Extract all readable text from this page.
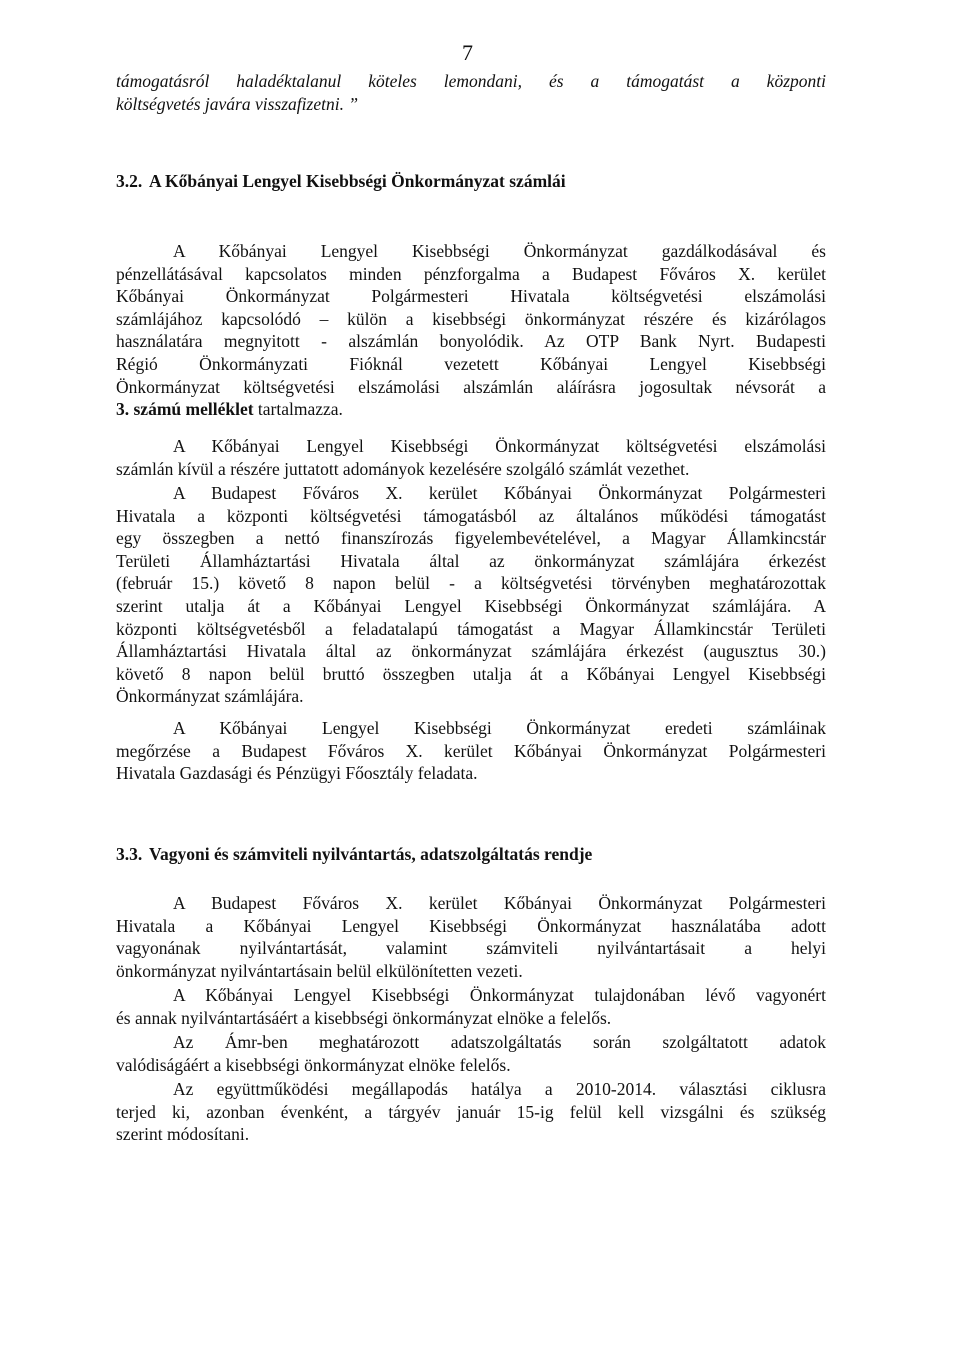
7
támogatásról haladéktalanul köteles lemondani, és a támogatást a központi
költségvetés javára visszafizetni. ”
3.2. A Kőbányai Lengyel Kisebbségi Önkormányzat számlái
A Kőbányai Lengyel Kisebbségi Önkormányzat gazdálkodásával és
pénzellátásával kapcsolatos minden pénzforgalma a Budapest Főváros X. kerület
Kőbányai Önkormányzat Polgármesteri Hivatala költségvetési elszámolási
számlájához kapcsolódó – külön a kisebbségi önkormányzat részére és kizárólagos
használatára megnyitott - alszámlán bonyolódik. Az OTP Bank Nyrt. Budapesti
Régió Önkormányzati Fióknál vezetett Kőbányai Lengyel Kisebbségi
Önkormányzat költségvetési elszámolási alszámlán aláírásra jogosultak névsorát a
3. számú melléklet tartalmazza.
A Kőbányai Lengyel Kisebbségi Önkormányzat költségvetési elszámolási
számlán kívül a részére juttatott adományok kezelésére szolgáló számlát vezethet.
A Budapest Főváros X. kerület Kőbányai Önkormányzat Polgármesteri
Hivatala a központi költségvetési támogatásból az általános működési támogatást
egy összegben a nettó finanszírozás figyelembevételével, a Magyar Államkincstár
Területi Államháztartási Hivatala által az önkormányzat számlájára érkezést
(február 15.) követő 8 napon belül - a költségvetési törvényben meghatározottak
szerint utalja át a Kőbányai Lengyel Kisebbségi Önkormányzat számlájára. A
központi költségvetésből a feladatalapú támogatást a Magyar Államkincstár Területi
Államháztartási Hivatala által az önkormányzat számlájára érkezést (augusztus 30.)
követő 8 napon belül bruttó összegben utalja át a Kőbányai Lengyel Kisebbségi
Önkormányzat számlájára.
A Kőbányai Lengyel Kisebbségi Önkormányzat eredeti számláinak
megőrzése a Budapest Főváros X. kerület Kőbányai Önkormányzat Polgármesteri
Hivatala Gazdasági és Pénzügyi Főosztály feladata.
3.3. Vagyoni és számviteli nyilvántartás, adatszolgáltatás rendje
A Budapest Főváros X. kerület Kőbányai Önkormányzat Polgármesteri
Hivatala a Kőbányai Lengyel Kisebbségi Önkormányzat használatába adott
vagyonának nyilvántartását, valamint számviteli nyilvántartásait a helyi
önkormányzat nyilvántartásain belül elkülönítetten vezeti.
A Kőbányai Lengyel Kisebbségi Önkormányzat tulajdonában lévő vagyonért
és annak nyilvántartásáért a kisebbségi önkormányzat elnöke a felelős.
Az Ámr-ben meghatározott adatszolgáltatás során szolgáltatott adatok
valódiságáért a kisebbségi önkormányzat elnöke felelős.
Az együttműködési megállapodás hatálya a 2010-2014. választási ciklusra
terjed ki, azonban évenként, a tárgyév január 15-ig felül kell vizsgálni és szükség
szerint módosítani.
